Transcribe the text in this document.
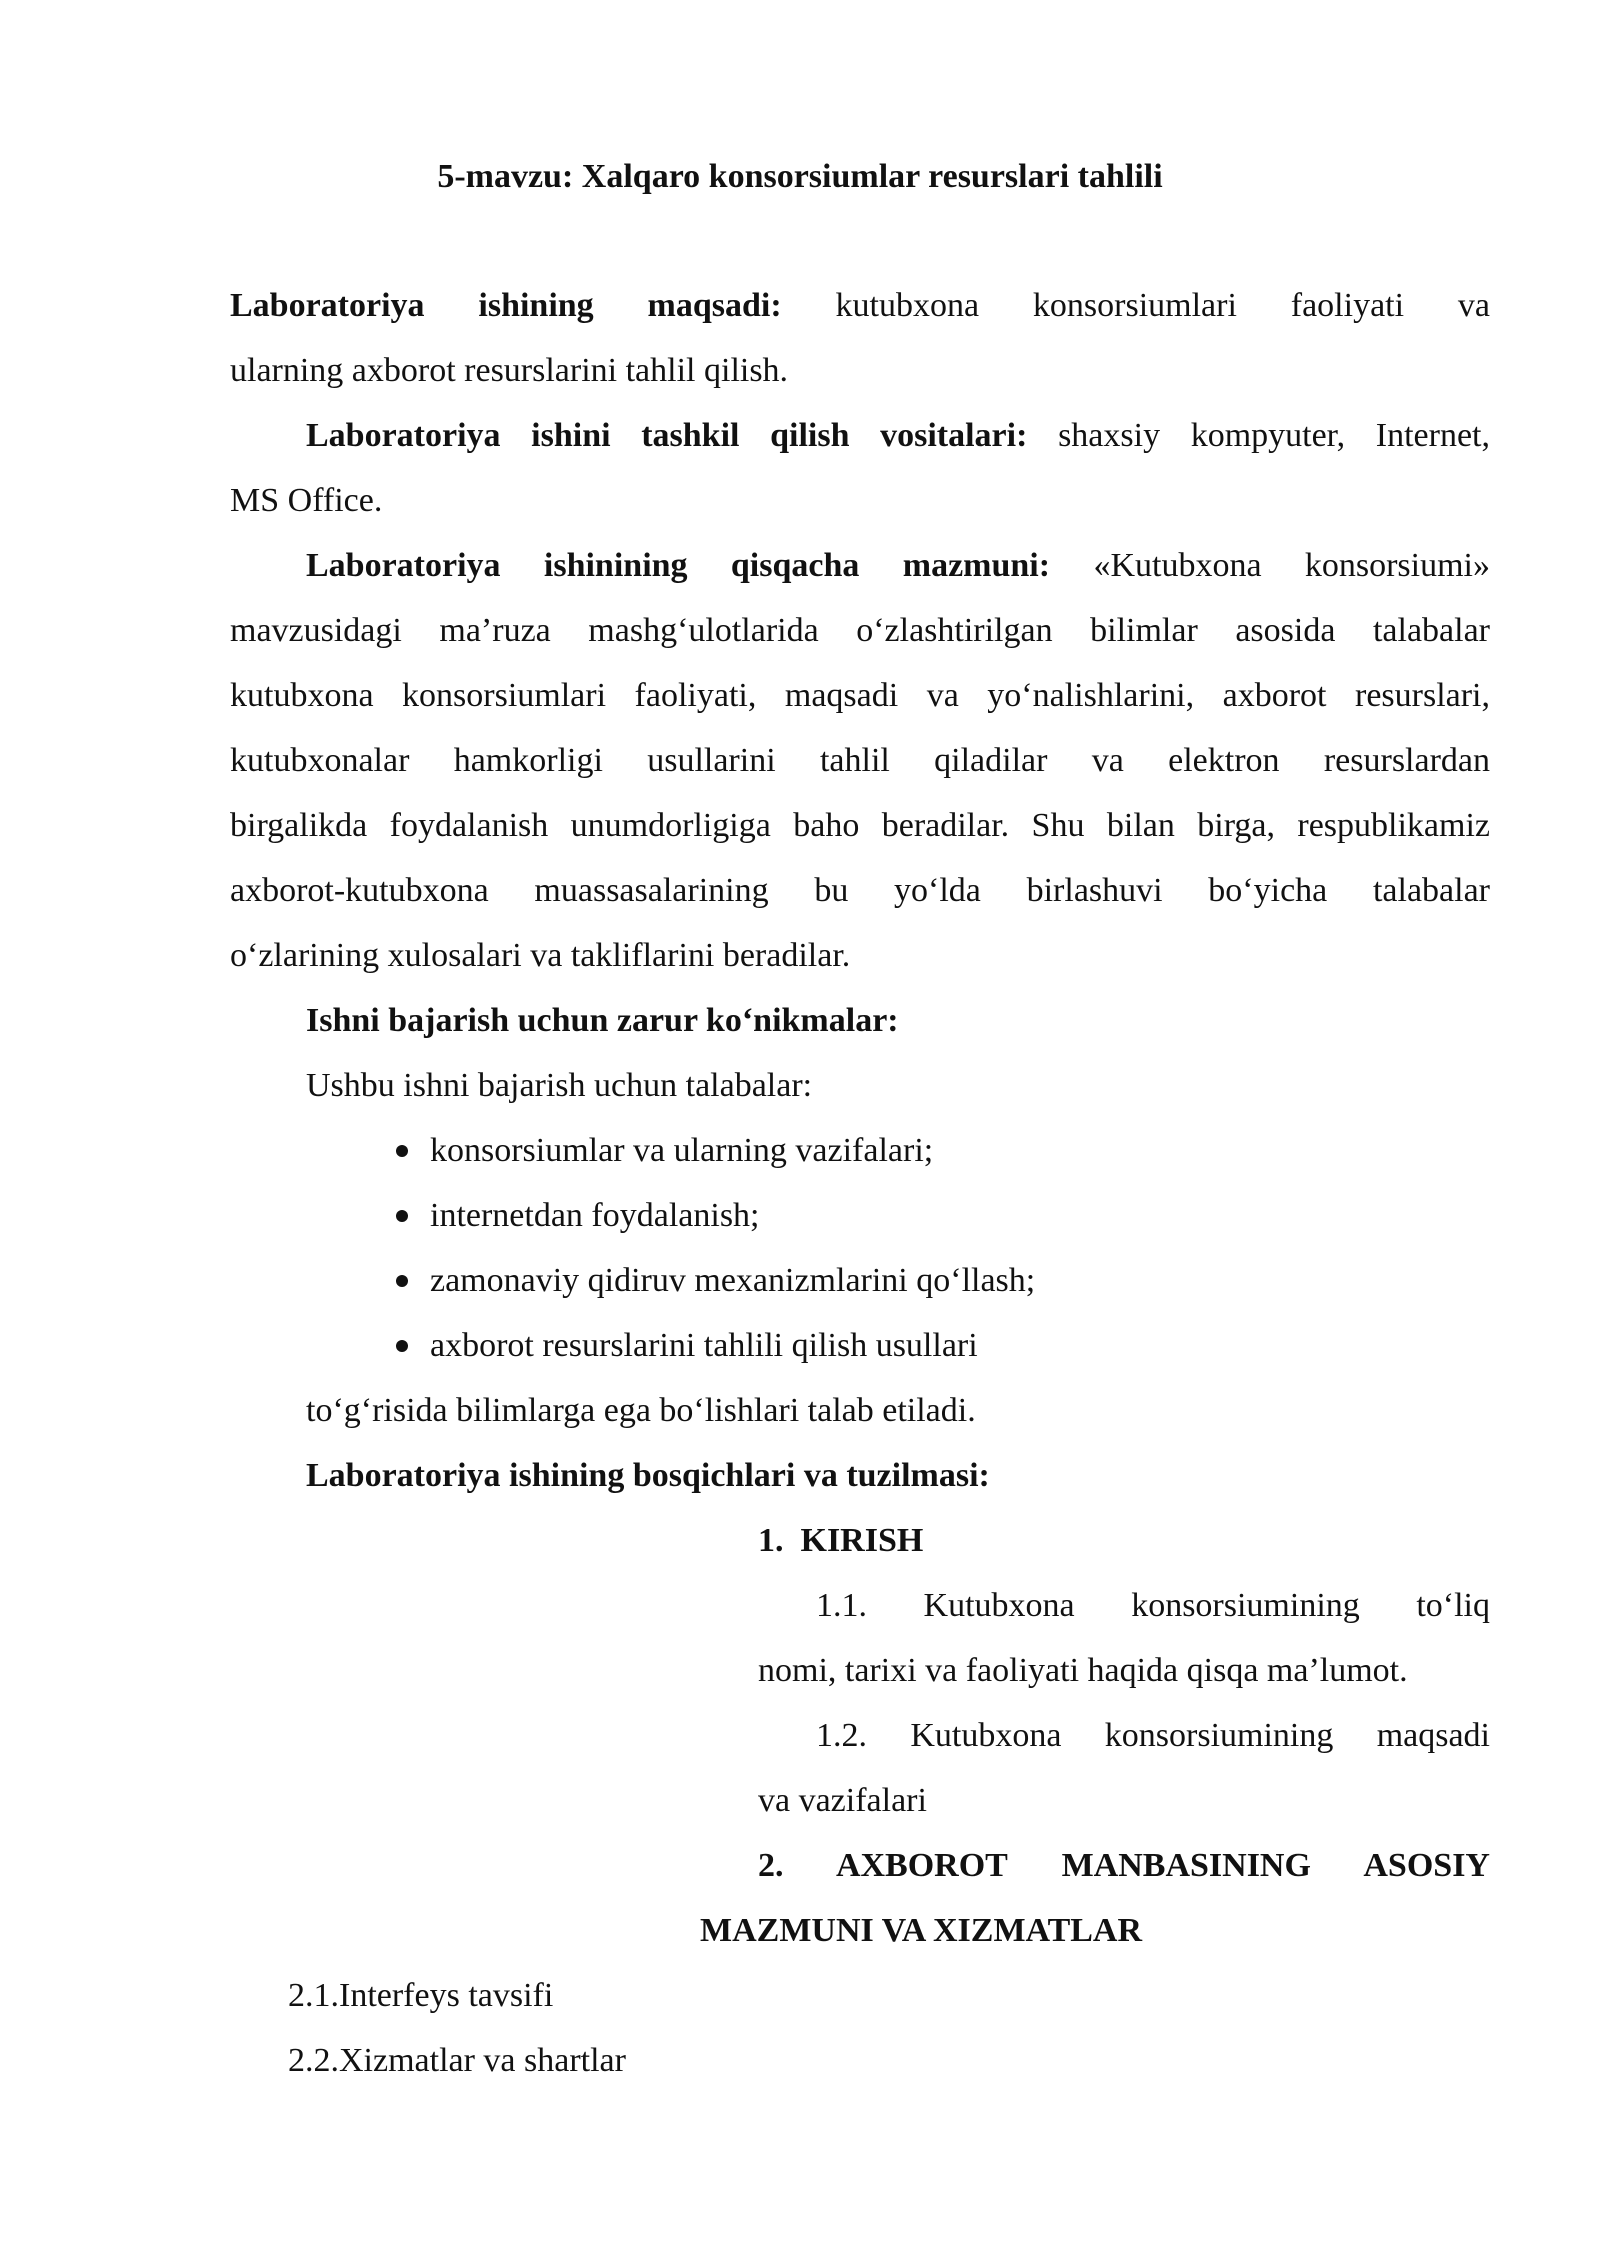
5-mavzu: Xalqaro konsorsiumlar resurslari tahlili
Laboratoriya ishining maqsadi: kutubxona konsorsiumlari faoliyati va
ularning axborot resurslarini tahlil qilish.
Laboratoriya ishini tashkil qilish vositalari: shaxsiy kompyuter, Internet,
MS Office.
Laboratoriya ishinining qisqacha mazmuni: «Kutubxona konsorsiumi»
mavzusidagi ma’ruza mashg‘ulotlarida o‘zlashtirilgan bilimlar asosida talabalar
kutubxona konsorsiumlari faoliyati, maqsadi va yo‘nalishlarini, axborot resurslari,
kutubxonalar hamkorligi usullarini tahlil qiladilar va elektron resurslardan
birgalikda foydalanish unumdorligiga baho beradilar. Shu bilan birga, respublikamiz
axborot-kutubxona muassasalarining bu yo‘lda birlashuvi bo‘yicha talabalar
o‘zlarining xulosalari va takliflarini beradilar.
Ishni bajarish uchun zarur ko‘nikmalar:
Ushbu ishni bajarish uchun talabalar:
konsorsiumlar va ularning vazifalari;
internetdan foydalanish;
zamonaviy qidiruv mexanizmlarini qo‘llash;
axborot resurslarini tahlili qilish usullari
to‘g‘risida bilimlarga ega bo‘lishlari talab etiladi.
Laboratoriya ishining bosqichlari va tuzilmasi:
1. KIRISH
1.1. Kutubxona konsorsiumining to‘liq
nomi, tarixi va faoliyati haqida qisqa ma’lumot.
1.2. Kutubxona konsorsiumining maqsadi
va vazifalari
2. AXBOROT MANBASINING ASOSIY
MAZMUNI VA XIZMATLAR
2.1.Interfeys tavsifi
2.2.Xizmatlar va shartlar
